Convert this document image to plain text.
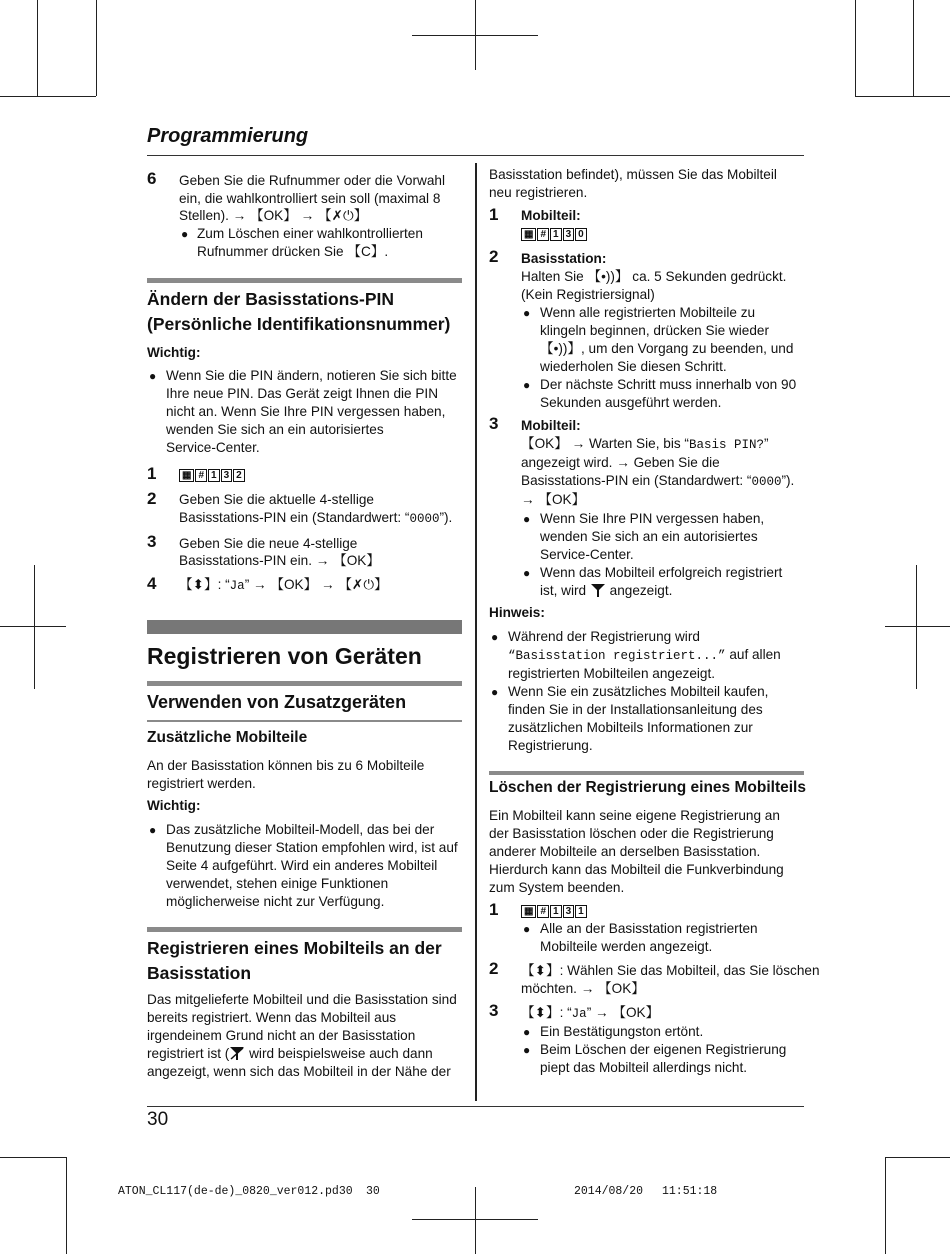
Programmierung
6 Geben Sie die Rufnummer oder die Vorwahl
ein, die wahlkontrolliert sein soll (maximal 8
Stellen). → 【OK】 → 【✗⏻】
● Zum Löschen einer wahlkontrollierten
Rufnummer drücken Sie 【C】.
Ändern der Basisstations-PIN
(Persönliche Identifikationsnummer)
Wichtig:
● Wenn Sie die PIN ändern, notieren Sie sich bitte
Ihre neue PIN. Das Gerät zeigt Ihnen die PIN
nicht an. Wenn Sie Ihre PIN vergessen haben,
wenden Sie sich an ein autorisiertes
Service-Center.
1	▦ # 1 3 2
2 Geben Sie die aktuelle 4-stellige
Basisstations-PIN ein (Standardwert: “0000”).
3 Geben Sie die neue 4-stellige
Basisstations-PIN ein. → 【OK】
4 【⬍】: “Ja” → 【OK】 → 【✗⏻】
Registrieren von Geräten
Verwenden von Zusatzgeräten
Zusätzliche Mobilteile
An der Basisstation können bis zu 6 Mobilteile
registriert werden.
Wichtig:
● Das zusätzliche Mobilteil-Modell, das bei der
Benutzung dieser Station empfohlen wird, ist auf
Seite 4 aufgeführt. Wird ein anderes Mobilteil
verwendet, stehen einige Funktionen
möglicherweise nicht zur Verfügung.
Registrieren eines Mobilteils an der
Basisstation
Das mitgelieferte Mobilteil und die Basisstation sind
bereits registriert. Wenn das Mobilteil aus
irgendeinem Grund nicht an der Basisstation
registriert ist ( wird beispielsweise auch dann
angezeigt, wenn sich das Mobilteil in der Nähe der
Basisstation befindet), müssen Sie das Mobilteil
neu registrieren.
1 Mobilteil:
▦ # 1 3 0
2 Basisstation:
Halten Sie 【•))】 ca. 5 Sekunden gedrückt.
(Kein Registriersignal)
● Wenn alle registrierten Mobilteile zu
klingeln beginnen, drücken Sie wieder
【•))】, um den Vorgang zu beenden, und
wiederholen Sie diesen Schritt.
● Der nächste Schritt muss innerhalb von 90
Sekunden ausgeführt werden.
3 Mobilteil:
【OK】 → Warten Sie, bis “Basis PIN?”
angezeigt wird. → Geben Sie die
Basisstations-PIN ein (Standardwert: “0000”).
→ 【OK】
● Wenn Sie Ihre PIN vergessen haben,
wenden Sie sich an ein autorisiertes
Service-Center.
● Wenn das Mobilteil erfolgreich registriert
ist, wird angezeigt.
Hinweis:
● Während der Registrierung wird
“Basisstation registriert...” auf allen
registrierten Mobilteilen angezeigt.
● Wenn Sie ein zusätzliches Mobilteil kaufen,
finden Sie in der Installationsanleitung des
zusätzlichen Mobilteils Informationen zur
Registrierung.
Löschen der Registrierung eines Mobilteils
Ein Mobilteil kann seine eigene Registrierung an
der Basisstation löschen oder die Registrierung
anderer Mobilteile an derselben Basisstation.
Hierdurch kann das Mobilteil die Funkverbindung
zum System beenden.
1	▦ # 1 3 1
● Alle an der Basisstation registrierten
Mobilteile werden angezeigt.
2 【⬍】: Wählen Sie das Mobilteil, das Sie löschen
möchten. → 【OK】
3 【⬍】: “Ja” → 【OK】
● Ein Bestätigungston ertönt.
● Beim Löschen der eigenen Registrierung
piept das Mobilteil allerdings nicht.
30
ATON_CL117(de-de)_0820_ver012.pd30 30	2014/08/20 11:51:18
